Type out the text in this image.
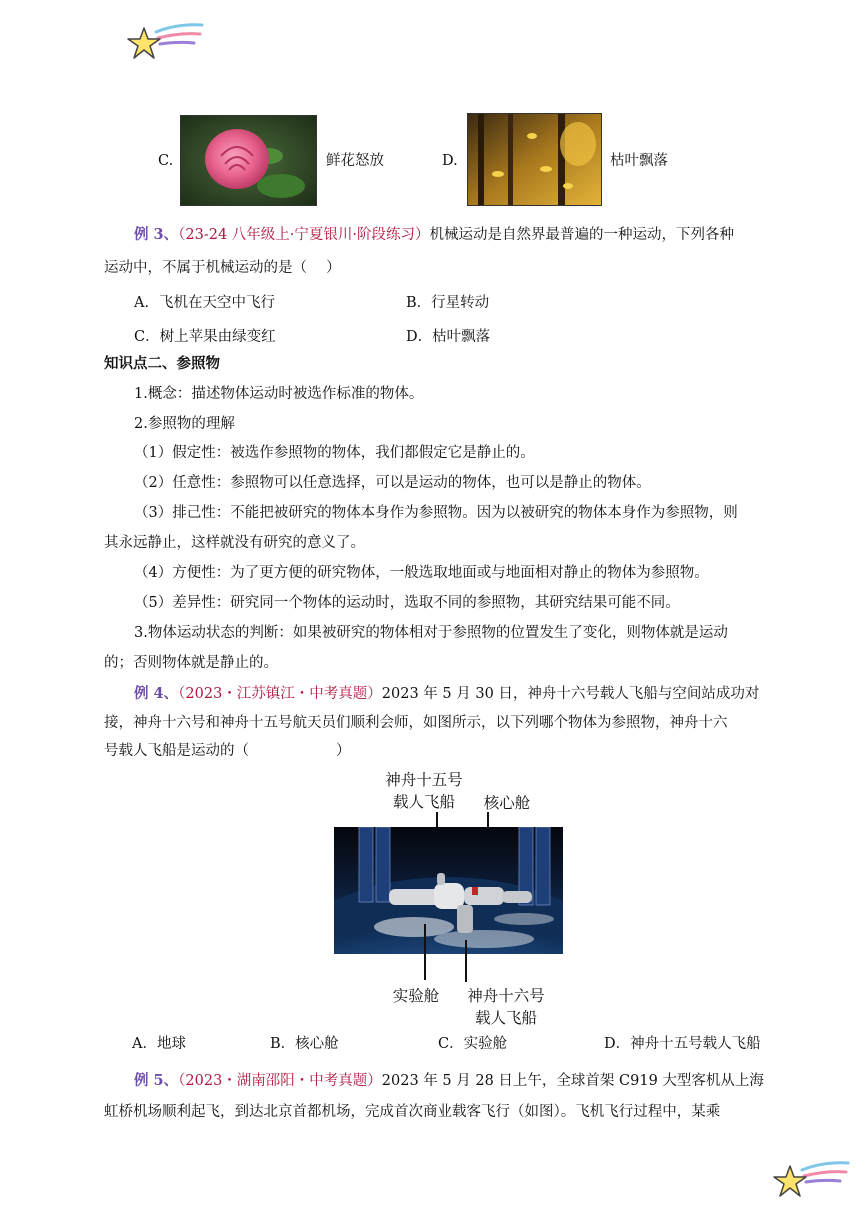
C.	鲜花怒放	D.	枯叶飘落
例 3、（23-24 八年级上·宁夏银川·阶段练习）机械运动是自然界最普遍的一种运动，下列各种
运动中，不属于机械运动的是（　 ）
A．飞机在天空中飞行	B．行星转动
C．树上苹果由绿变红	D．枯叶飘落
知识点二、参照物
1.概念：描述物体运动时被选作标准的物体。
2.参照物的理解
（1）假定性：被选作参照物的物体，我们都假定它是静止的。
（2）任意性：参照物可以任意选择，可以是运动的物体，也可以是静止的物体。
（3）排己性：不能把被研究的物体本身作为参照物。因为以被研究的物体本身作为参照物，则
其永远静止，这样就没有研究的意义了。
（4）方便性：为了更方便的研究物体，一般选取地面或与地面相对静止的物体为参照物。
（5）差异性：研究同一个物体的运动时，选取不同的参照物，其研究结果可能不同。
3.物体运动状态的判断：如果被研究的物体相对于参照物的位置发生了变化，则物体就是运动
的；否则物体就是静止的。
例 4、（2023・江苏镇江・中考真题）2023 年 5 月 30 日，神舟十六号载人飞船与空间站成功对
接，神舟十六号和神舟十五号航天员们顺利会师，如图所示，以下列哪个物体为参照物，神舟十六
号载人飞船是运动的（　　　　　　）
神舟十五号
载人飞船	核心舱
实验舱	神舟十六号
载人飞船
A．地球	B．核心舱	C．实验舱	D．神舟十五号载人飞船
例 5、（2023・湖南邵阳・中考真题）2023 年 5 月 28 日上午，全球首架 C919 大型客机从上海
虹桥机场顺利起飞，到达北京首都机场，完成首次商业载客飞行（如图）。飞机飞行过程中，某乘
